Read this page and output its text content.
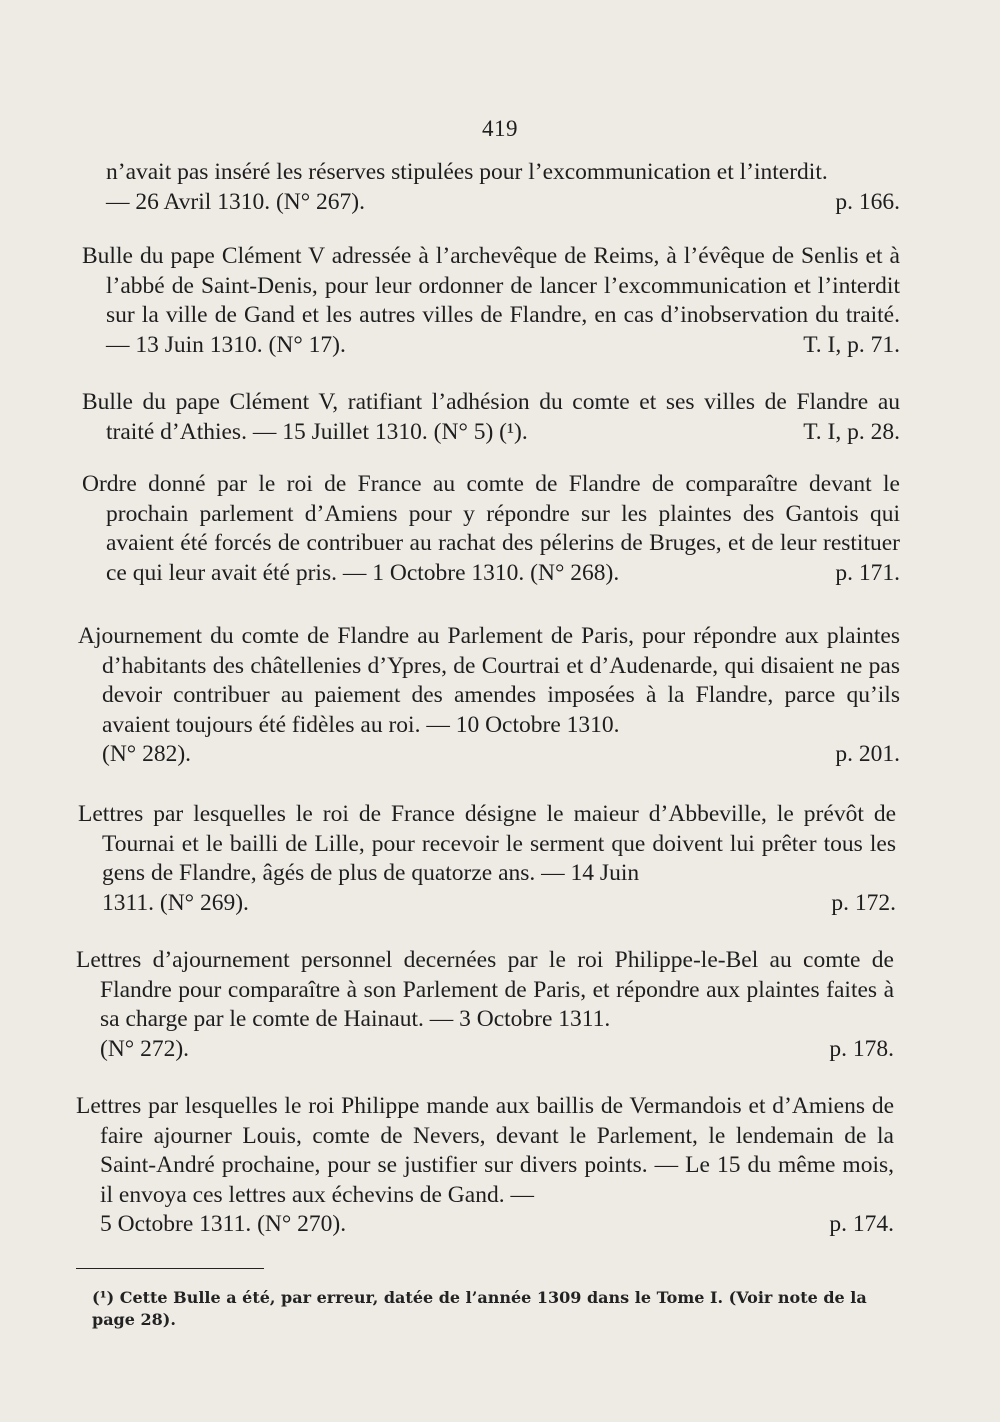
419

n’avait pas inséré les réserves stipulées pour l’excommunication et l’interdit.

— 26 Avril 1310. (N° 267).	p. 166.

Bulle du pape Clément V adressée à l’archevêque de Reims, à l’évêque de Senlis et à l’abbé de Saint-Denis, pour leur ordonner de lancer l’excommunication et l’interdit sur la ville de Gand et les autres villes de Flandre, en cas d’inobservation du traité. — 13 Juin 1310. (N° 17).	T. I, p. 71.

Bulle du pape Clément V, ratifiant l’adhésion du comte et ses villes de Flandre au traité d’Athies. — 15 Juillet 1310. (N° 5) (¹).	T. I, p. 28.

Ordre donné par le roi de France au comte de Flandre de comparaître devant le prochain parlement d’Amiens pour y répondre sur les plaintes des Gantois qui avaient été forcés de contribuer au rachat des pélerins de Bruges, et de leur restituer ce qui leur avait été pris. — 1 Octobre 1310. (N° 268).	p. 171.

Ajournement du comte de Flandre au Parlement de Paris, pour répondre aux plaintes d’habitants des châtellenies d’Ypres, de Courtrai et d’Audenarde, qui disaient ne pas devoir contribuer au paiement des amendes imposées à la Flandre, parce qu’ils avaient toujours été fidèles au roi. — 10 Octobre 1310.

(N° 282).	p. 201.

Lettres par lesquelles le roi de France désigne le maieur d’Abbeville, le prévôt de Tournai et le bailli de Lille, pour recevoir le serment que doivent lui prêter tous les gens de Flandre, âgés de plus de quatorze ans. — 14 Juin

1311. (N° 269).	p. 172.

Lettres d’ajournement personnel decernées par le roi Philippe-le-Bel au comte de Flandre pour comparaître à son Parlement de Paris, et répondre aux plaintes faites à sa charge par le comte de Hainaut. — 3 Octobre 1311.

(N° 272).	p. 178.

Lettres par lesquelles le roi Philippe mande aux baillis de Vermandois et d’Amiens de faire ajourner Louis, comte de Nevers, devant le Parlement, le lendemain de la Saint-André prochaine, pour se justifier sur divers points. — Le 15 du même mois, il envoya ces lettres aux échevins de Gand. —

5 Octobre 1311. (N° 270).	p. 174.
(¹) Cette Bulle a été, par erreur, datée de l’année 1309 dans le Tome I. (Voir note de la page 28).
